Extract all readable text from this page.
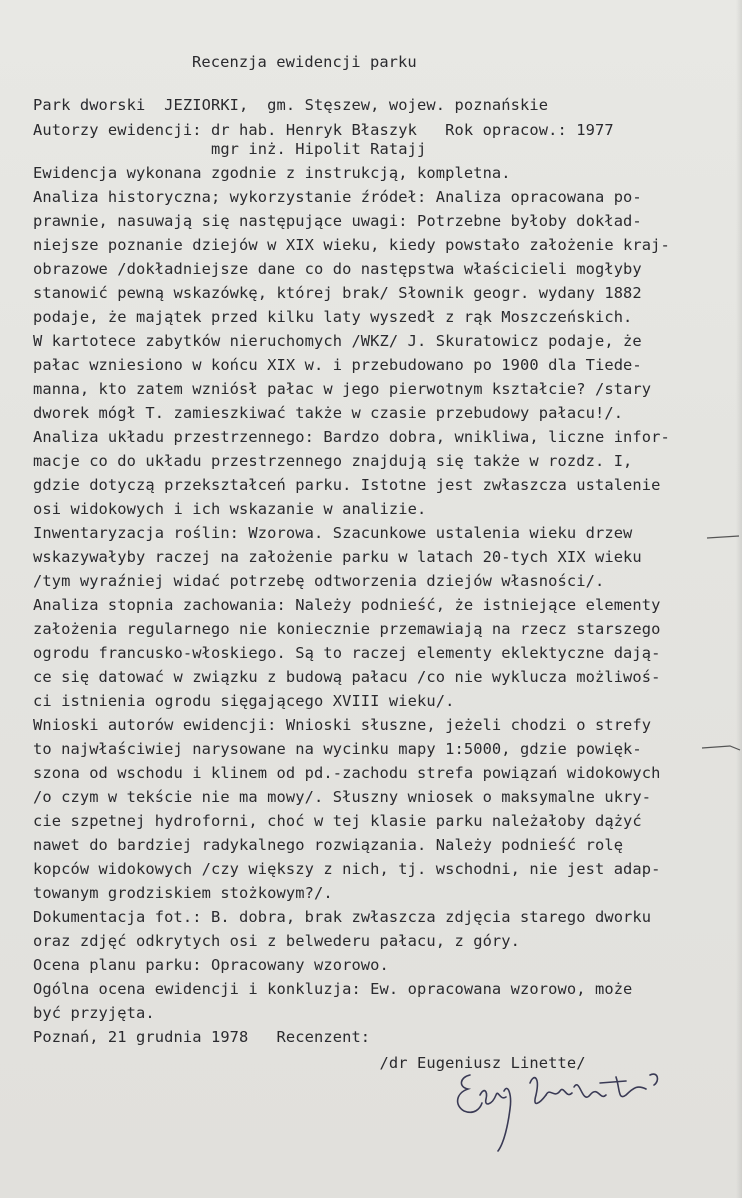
Recenzja ewidencji parku
Park dworski  JEZIORKI,  gm. Stęszew, wojew. poznańskie
Autorzy ewidencji: dr hab. Henryk Błaszyk   Rok opracow.: 1977
mgr inż. Hipolit Ratajj
Ewidencja wykonana zgodnie z instrukcją, kompletna.
Analiza historyczna; wykorzystanie źródeł: Analiza opracowana po-
prawnie, nasuwają się następujące uwagi: Potrzebne byłoby dokład-
niejsze poznanie dziejów w XIX wieku, kiedy powstało założenie kraj-
obrazowe /dokładniejsze dane co do następstwa właścicieli mogłyby
stanowić pewną wskazówkę, której brak/ Słownik geogr. wydany 1882
podaje, że majątek przed kilku laty wyszedł z rąk Moszczeńskich.
W kartotece zabytków nieruchomych /WKZ/ J. Skuratowicz podaje, że
pałac wzniesiono w końcu XIX w. i przebudowano po 1900 dla Tiede-
manna, kto zatem wzniósł pałac w jego pierwotnym kształcie? /stary
dworek mógł T. zamieszkiwać także w czasie przebudowy pałacu!/.
Analiza układu przestrzennego: Bardzo dobra, wnikliwa, liczne infor-
macje co do układu przestrzennego znajdują się także w rozdz. I,
gdzie dotyczą przekształceń parku. Istotne jest zwłaszcza ustalenie
osi widokowych i ich wskazanie w analizie.
Inwentaryzacja roślin: Wzorowa. Szacunkowe ustalenia wieku drzew
wskazywałyby raczej na założenie parku w latach 20-tych XIX wieku
/tym wyraźniej widać potrzebę odtworzenia dziejów własności/.
Analiza stopnia zachowania: Należy podnieść, że istniejące elementy
założenia regularnego nie koniecznie przemawiają na rzecz starszego
ogrodu francusko-włoskiego. Są to raczej elementy eklektyczne dają-
ce się datować w związku z budową pałacu /co nie wyklucza możliwoś-
ci istnienia ogrodu sięgającego XVIII wieku/.
Wnioski autorów ewidencji: Wnioski słuszne, jeżeli chodzi o strefy
to najwłaściwiej narysowane na wycinku mapy 1:5000, gdzie powięk-
szona od wschodu i klinem od pd.-zachodu strefa powiązań widokowych
/o czym w tekście nie ma mowy/. Słuszny wniosek o maksymalne ukry-
cie szpetnej hydroforni, choć w tej klasie parku należałoby dążyć
nawet do bardziej radykalnego rozwiązania. Należy podnieść rolę
kopców widokowych /czy większy z nich, tj. wschodni, nie jest adap-
towanym grodziskiem stożkowym?/.
Dokumentacja fot.: B. dobra, brak zwłaszcza zdjęcia starego dworku
oraz zdjęć odkrytych osi z belwederu pałacu, z góry.
Ocena planu parku: Opracowany wzorowo.
Ogólna ocena ewidencji i konkluzja: Ew. opracowana wzorowo, może
być przyjęta.
Poznań, 21 grudnia 1978   Recenzent:
/dr Eugeniusz Linette/
